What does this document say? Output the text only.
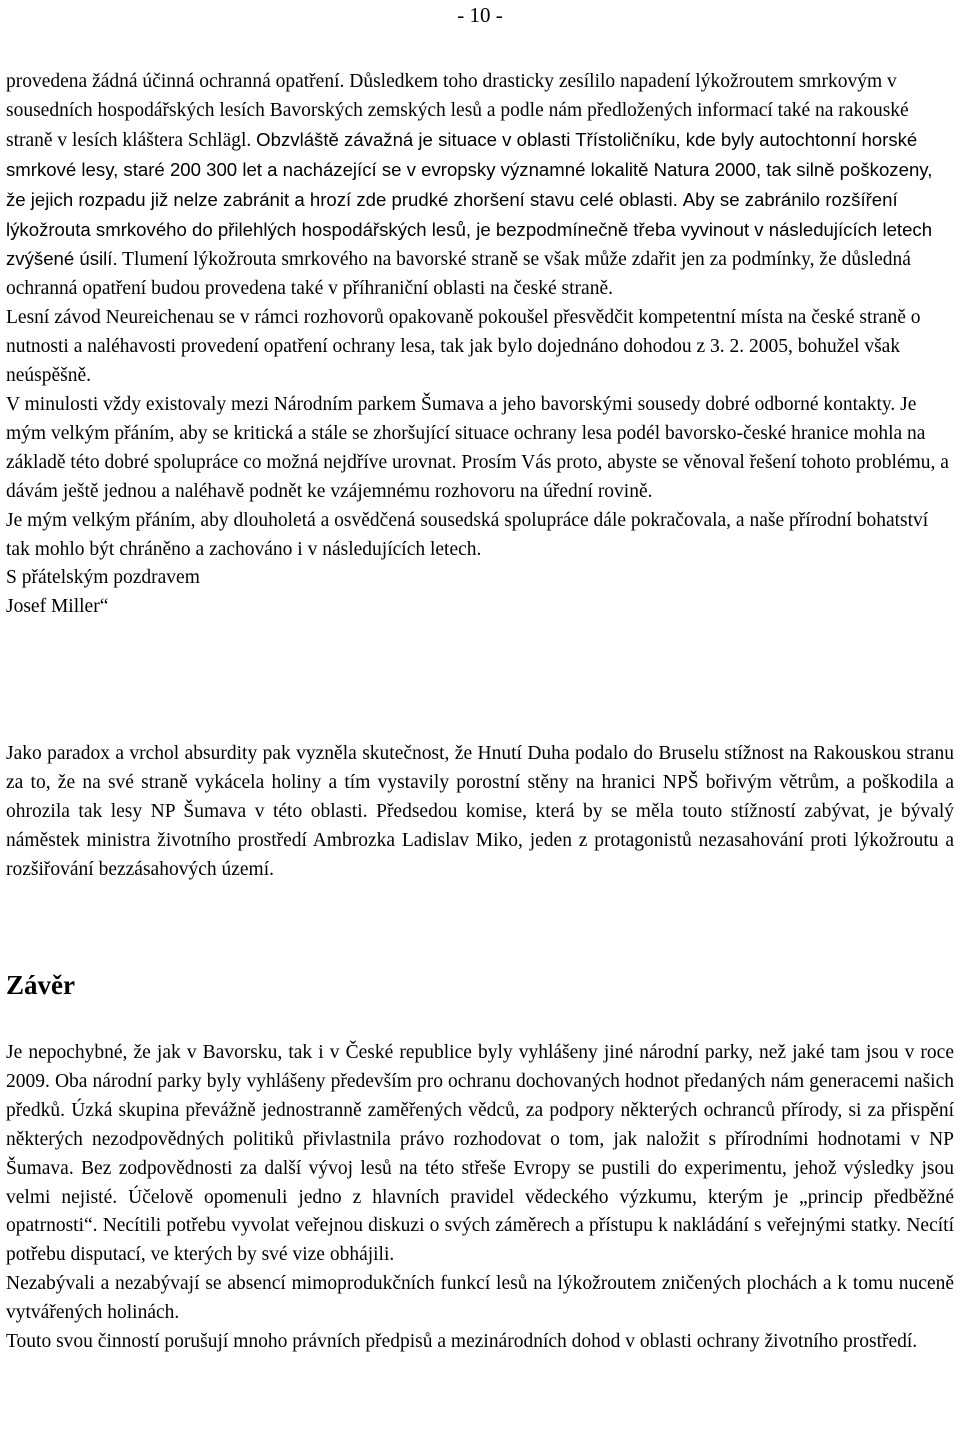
- 10 -

provedena žádná účinná ochranná opatření. Důsledkem toho drasticky zesílilo napadení lýkožroutem smrkovým v sousedních hospodářských lesích Bavorských zemských lesů a podle nám předložených informací také na rakouské straně v lesích kláštera Schlägl. Obzvláště závažná je situace v oblasti Třístoličníku, kde byly autochtonní horské smrkové lesy, staré 200 300 let a nacházející se v evropsky významné lokalitě Natura 2000, tak silně poškozeny, že jejich rozpadu již nelze zabránit a hrozí zde prudké zhoršení stavu celé oblasti. Aby se zabránilo rozšíření lýkožrouta smrkového do přilehlých hospodářských lesů, je bezpodmínečně třeba vyvinout v následujících letech zvýšené úsilí. Tlumení lýkožrouta smrkového na bavorské straně se však může zdařit jen za podmínky, že důsledná ochranná opatření budou provedena také v příhraniční oblasti na české straně.

Lesní závod Neureichenau se v rámci rozhovorů opakovaně pokoušel přesvědčit kompetentní místa na české straně o nutnosti a naléhavosti provedení opatření ochrany lesa, tak jak bylo dojednáno dohodou z 3. 2. 2005, bohužel však neúspěšně.

V minulosti vždy existovaly mezi Národním parkem Šumava a jeho bavorskými sousedy dobré odborné kontakty. Je mým velkým přáním, aby se kritická a stále se zhoršující situace ochrany lesa podél bavorsko-české hranice mohla na základě této dobré spolupráce co možná nejdříve urovnat. Prosím Vás proto, abyste se věnoval řešení tohoto problému, a dávám ještě jednou a naléhavě podnět ke vzájemnému rozhovoru na úřední rovině.

Je mým velkým přáním, aby dlouholetá a osvědčená sousedská spolupráce dále pokračovala, a naše přírodní bohatství tak mohlo být chráněno a zachováno i v následujících letech.

S přátelským pozdravem

Josef Miller“

Jako paradox a vrchol absurdity pak vyzněla skutečnost, že Hnutí Duha podalo do Bruselu stížnost na Rakouskou stranu za to, že na své straně vykácela holiny a tím vystavily porostní stěny na hranici NPŠ bořivým větrům, a poškodila a ohrozila tak lesy NP Šumava v této oblasti. Předsedou komise, která by se měla touto stížností zabývat, je bývalý náměstek ministra životního prostředí Ambrozka Ladislav Miko, jeden z protagonistů nezasahování proti lýkožroutu a rozšiřování bezzásahových území.

Závěr

Je nepochybné, že jak v Bavorsku, tak i v České republice byly vyhlášeny jiné národní parky, než jaké tam jsou v roce 2009. Oba národní parky byly vyhlášeny především pro ochranu dochovaných hodnot předaných nám generacemi našich předků. Úzká skupina převážně jednostranně zaměřených vědců, za podpory některých ochranců přírody, si za přispění některých nezodpovědných politiků přivlastnila právo rozhodovat o tom, jak naložit s přírodními hodnotami v NP Šumava. Bez zodpovědnosti za další vývoj lesů na této střeše Evropy se pustili do experimentu, jehož výsledky jsou velmi nejisté. Účelově opomenuli jedno z hlavních pravidel vědeckého výzkumu, kterým je „princip předběžné opatrnosti“. Necítili potřebu vyvolat veřejnou diskuzi o svých záměrech a přístupu k nakládání s veřejnými statky. Necítí potřebu disputací, ve kterých by své vize obhájili.

Nezabývali a nezabývají se absencí mimoprodukčních funkcí lesů na lýkožroutem zničených plochách a k tomu nuceně vytvářených holinách.

Touto svou činností porušují mnoho právních předpisů a mezinárodních dohod v oblasti ochrany životního prostředí.
